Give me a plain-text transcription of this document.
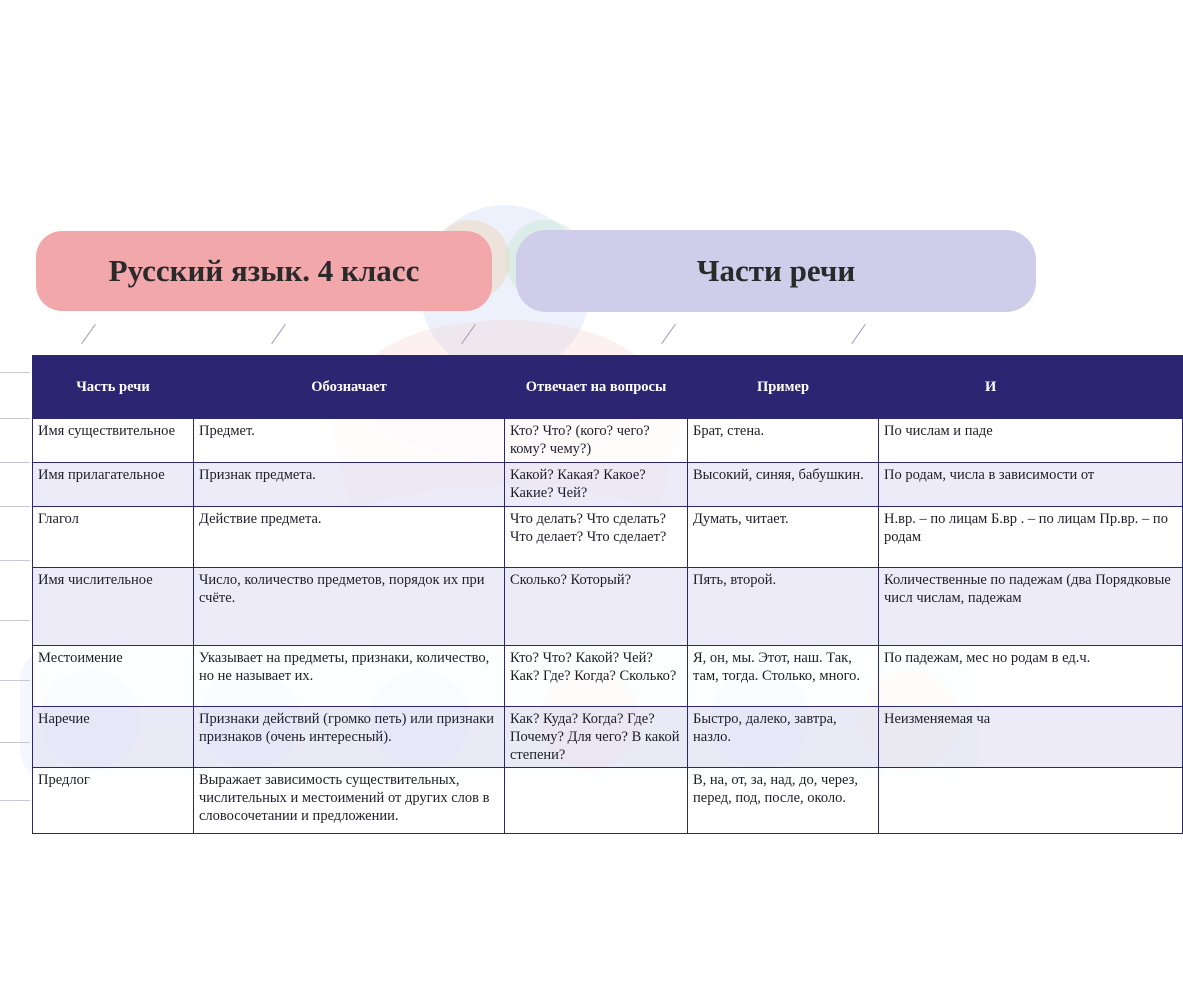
Русский язык. 4 класс	Части речи
Часть речи	Обозначает	Отвечает на вопросы	Пример	И
Имя существительное	Предмет.	Кто? Что? (кого? чего? кому? чему?)	Брат, стена.	По числам и паде
Имя прилагательное	Признак предмета.	Какой? Какая? Какое? Какие? Чей?	Высокий, синяя, бабушкин.	По родам, числа в зависимости от
Глагол	Действие предмета.	Что делать? Что сделать? Что делает? Что сделает?	Думать, читает.	Н.вр. – по лицам Б.вр . – по лицам Пр.вр. – по родам
Имя числительное	Число, количество предметов, порядок их при счёте.	Сколько? Который?	Пять, второй.	Количественные по падежам (два Порядковые числ числам, падежам
Местоимение	Указывает на предметы, признаки, количество, но не называет их.	Кто? Что? Какой? Чей? Как? Где? Когда? Сколько?	Я, он, мы. Этот, наш. Так, там, тогда. Столько, много.	По падежам, мес но родам в ед.ч.
Наречие	Признаки действий (громко петь) или признаки признаков (очень интересный).	Как? Куда? Когда? Где? Почему? Для чего? В какой степени?	Быстро, далеко, завтра, назло.	Неизменяемая ча
Предлог	Выражает зависимость существительных, числительных и местоимений от других слов в словосочетании и предложении.		В, на, от, за, над, до, через, перед, под, после, около.	
